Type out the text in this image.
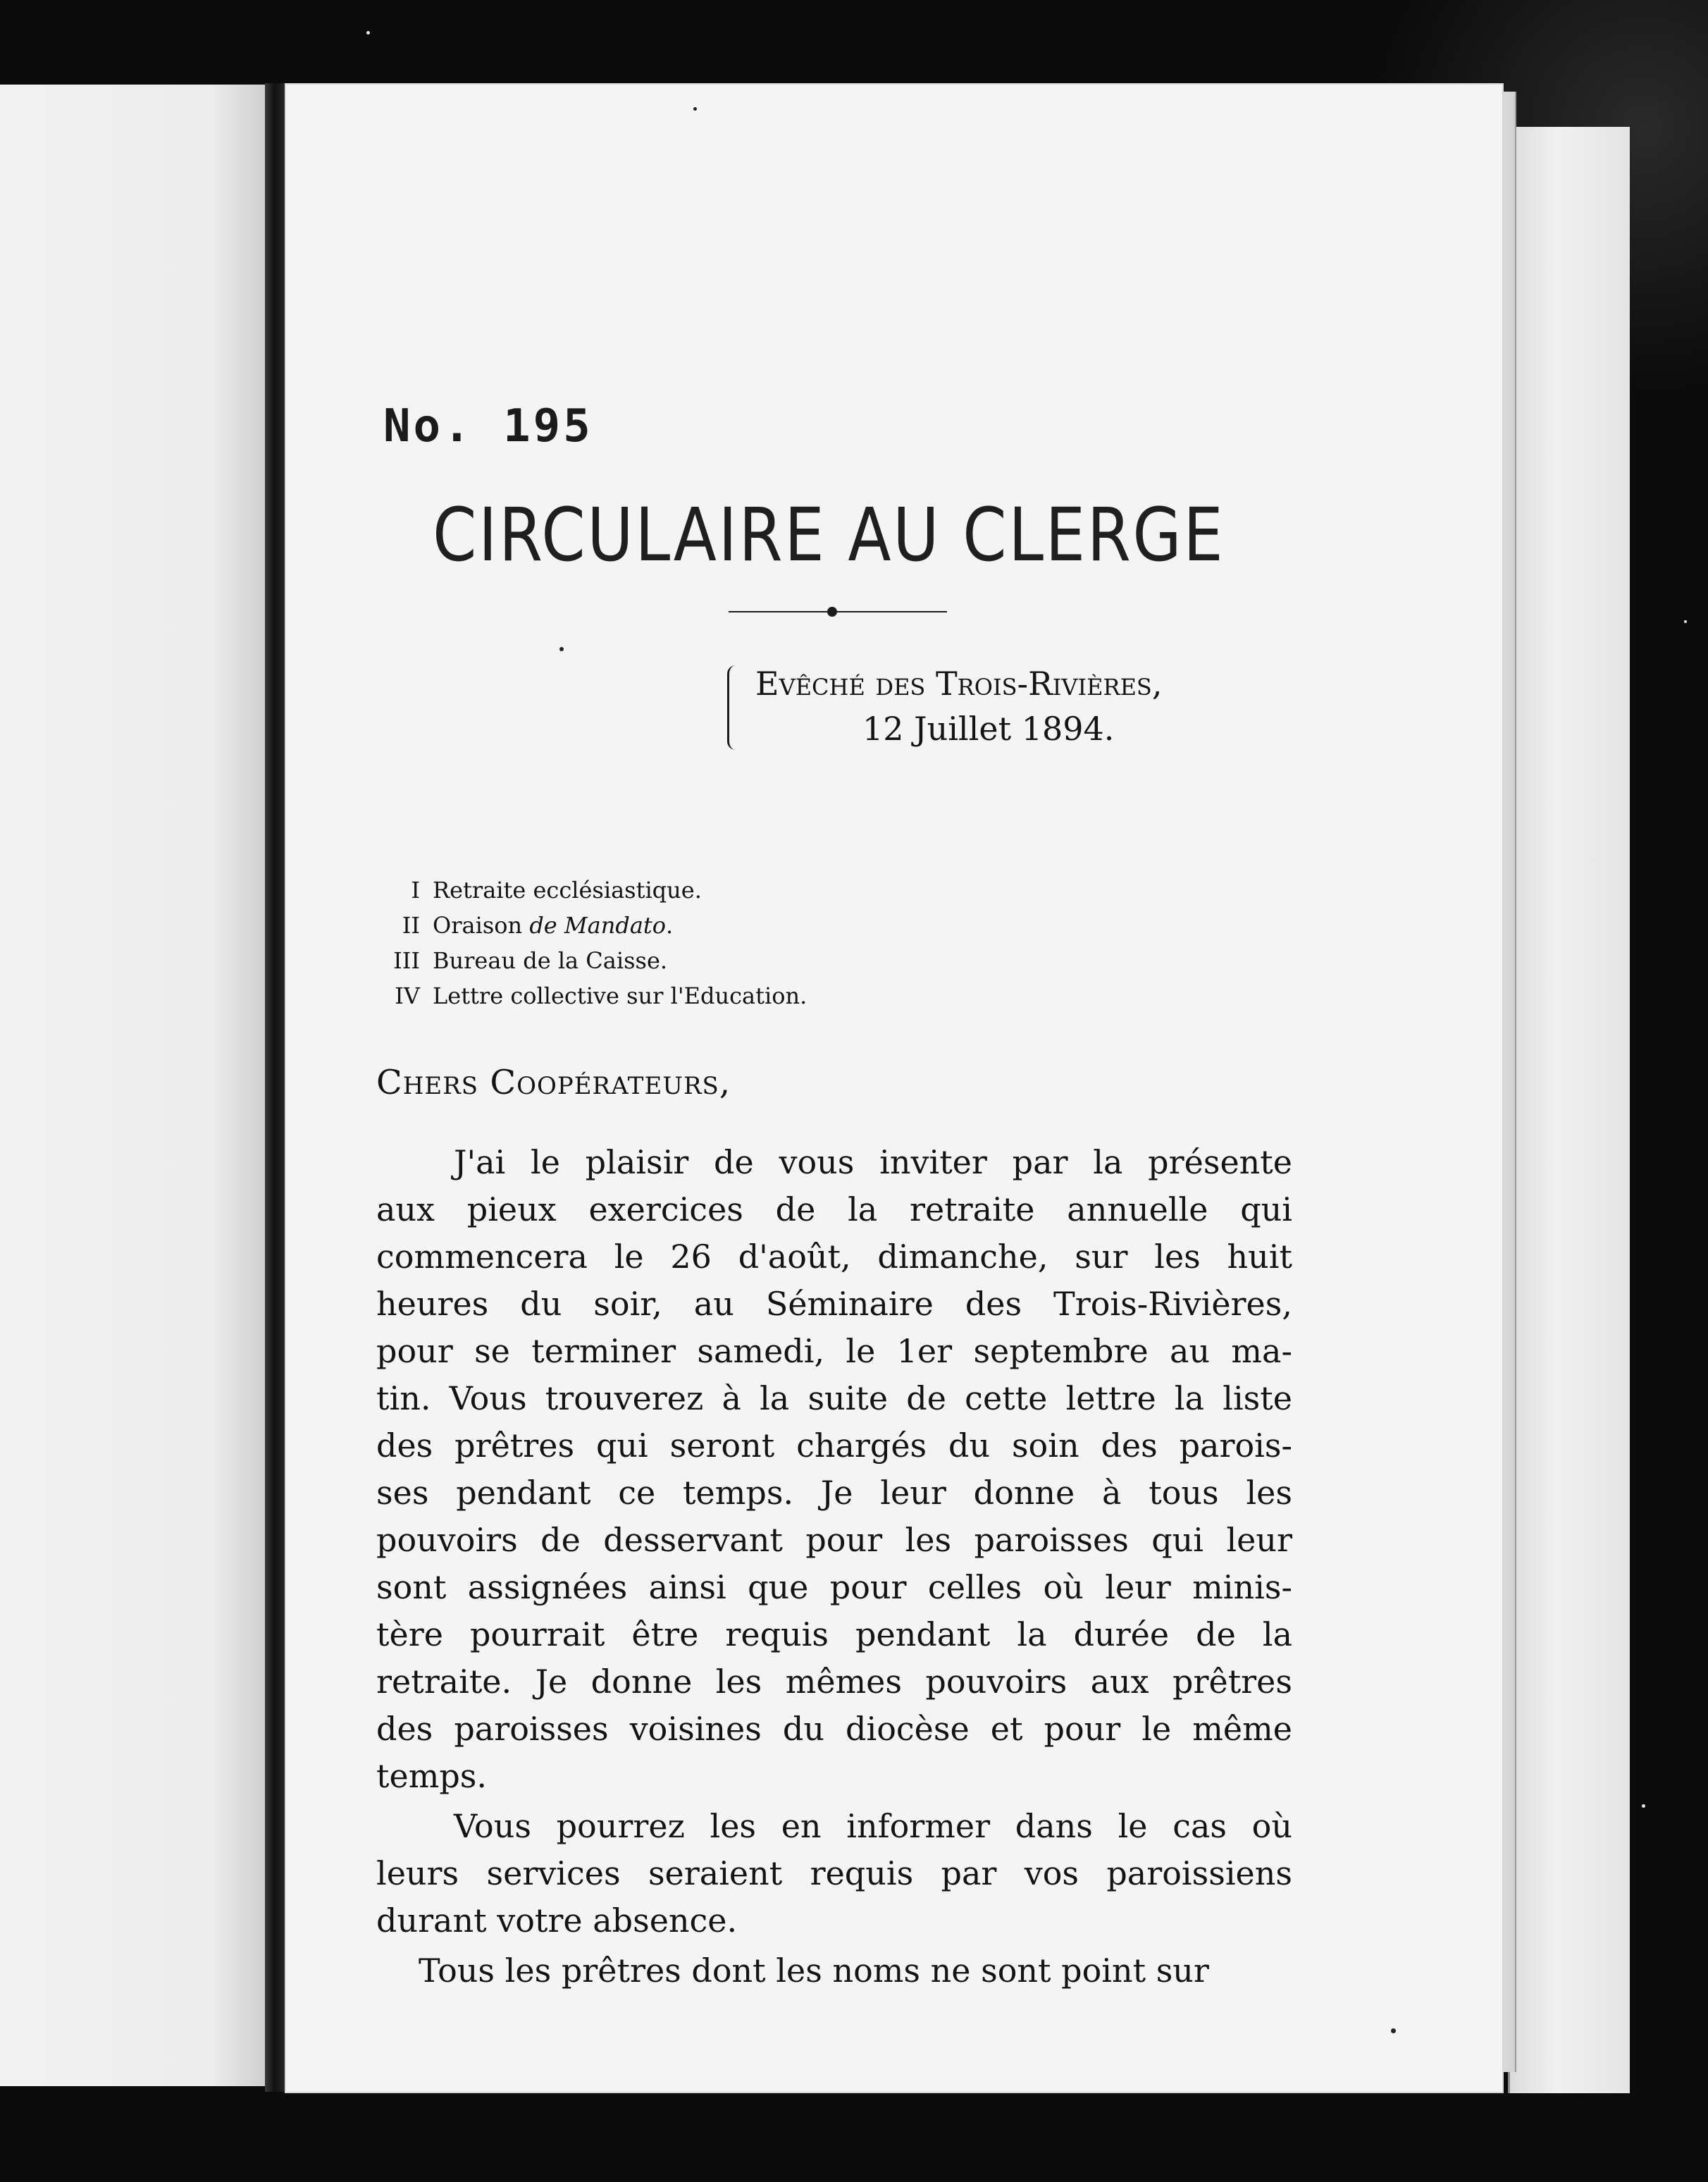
No. 195
CIRCULAIRE AU CLERGE
Evêché des Trois-Rivières,
12 Juillet 1894.
I Retraite ecclésiastique.
II Oraison de Mandato.
III Bureau de la Caisse.
IV Lettre collective sur l'Education.
Chers Coopérateurs,

J'ai le plaisir de vous inviter par la présente
aux pieux exercices de la retraite annuelle qui
commencera le 26 d'août, dimanche, sur les huit
heures du soir, au Séminaire des Trois-Rivières,
pour se terminer samedi, le 1er septembre au ma-
tin. Vous trouverez à la suite de cette lettre la liste
des prêtres qui seront chargés du soin des parois-
ses pendant ce temps. Je leur donne à tous les
pouvoirs de desservant pour les paroisses qui leur
sont assignées ainsi que pour celles où leur minis-
tère pourrait être requis pendant la durée de la
retraite. Je donne les mêmes pouvoirs aux prêtres
des paroisses voisines du diocèse et pour le même
temps.

Vous pourrez les en informer dans le cas où
leurs services seraient requis par vos paroissiens
durant votre absence.

Tous les prêtres dont les noms ne sont point sur
